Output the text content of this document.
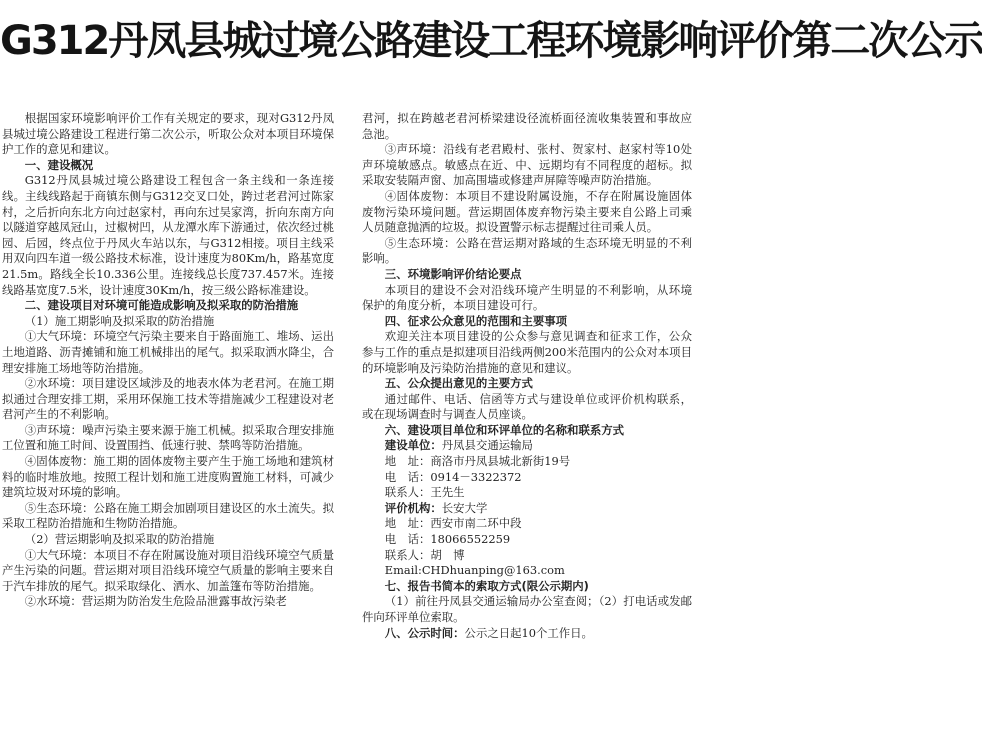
G312丹凤县城过境公路建设工程环境影响评价第二次公示

根据国家环境影响评价工作有关规定的要求，现对G312丹凤县城过境公路建设工程进行第二次公示，听取公众对本项目环境保护工作的意见和建议。

一、建设概况

G312丹凤县城过境公路建设工程包含一条主线和一条连接线。主线线路起于商镇东侧与G312交叉口处，跨过老君河过陈家村，之后折向东北方向过赵家村，再向东过吴家湾，折向东南方向以隧道穿越凤冠山，过椒树凹，从龙潭水库下游通过，依次经过桃园、后园，终点位于丹凤火车站以东，与G312相接。项目主线采用双向四车道一级公路技术标准，设计速度为80Km/h，路基宽度21.5m。路线全长10.336公里。连接线总长度737.457米。连接线路基宽度7.5米，设计速度30Km/h，按三级公路标准建设。

二、建设项目对环境可能造成影响及拟采取的防治措施

（1）施工期影响及拟采取的防治措施

①大气环境：环境空气污染主要来自于路面施工、堆场、运出土地道路、沥青摊铺和施工机械排出的尾气。拟采取洒水降尘，合理安排施工场地等防治措施。

②水环境：项目建设区域涉及的地表水体为老君河。在施工期拟通过合理安排工期，采用环保施工技术等措施减少工程建设对老君河产生的不利影响。

③声环境：噪声污染主要来源于施工机械。拟采取合理安排施工位置和施工时间、设置围挡、低速行驶、禁鸣等防治措施。

④固体废物：施工期的固体废物主要产生于施工场地和建筑材料的临时堆放地。按照工程计划和施工进度购置施工材料，可减少建筑垃圾对环境的影响。

⑤生态环境：公路在施工期会加剧项目建设区的水土流失。拟采取工程防治措施和生物防治措施。

（2）营运期影响及拟采取的防治措施

①大气环境：本项目不存在附属设施对项目沿线环境空气质量产生污染的问题。营运期对项目沿线环境空气质量的影响主要来自于汽车排放的尾气。拟采取绿化、洒水、加盖篷布等防治措施。

②水环境：营运期为防治发生危险品泄露事故污染老

君河，拟在跨越老君河桥梁建设径流桥面径流收集装置和事故应急池。

③声环境：沿线有老君殿村、张村、贺家村、赵家村等10处声环境敏感点。敏感点在近、中、远期均有不同程度的超标。拟采取安装隔声窗、加高围墙或修建声屏障等噪声防治措施。

④固体废物：本项目不建设附属设施，不存在附属设施固体废物污染环境问题。营运期固体废弃物污染主要来自公路上司乘人员随意抛洒的垃圾。拟设置警示标志提醒过往司乘人员。

⑤生态环境：公路在营运期对路域的生态环境无明显的不利影响。

三、环境影响评价结论要点

本项目的建设不会对沿线环境产生明显的不利影响，从环境保护的角度分析，本项目建设可行。

四、征求公众意见的范围和主要事项

欢迎关注本项目建设的公众参与意见调查和征求工作，公众参与工作的重点是拟建项目沿线两侧200米范围内的公众对本项目的环境影响及污染防治措施的意见和建议。

五、公众提出意见的主要方式

通过邮件、电话、信函等方式与建设单位或评价机构联系，或在现场调查时与调查人员座谈。

六、建设项目单位和环评单位的名称和联系方式

建设单位：丹凤县交通运输局

地　址：商洛市丹凤县城北新街19号

电　话：0914－3322372

联系人：王先生

评价机构：长安大学

地　址：西安市南二环中段

电　话：18066552259

联系人：胡　博

Email:CHDhuanping@163.com

七、报告书简本的索取方式(限公示期内)

（1）前往丹凤县交通运输局办公室查阅；（2）打电话或发邮件向环评单位索取。

八、公示时间：公示之日起10个工作日。
